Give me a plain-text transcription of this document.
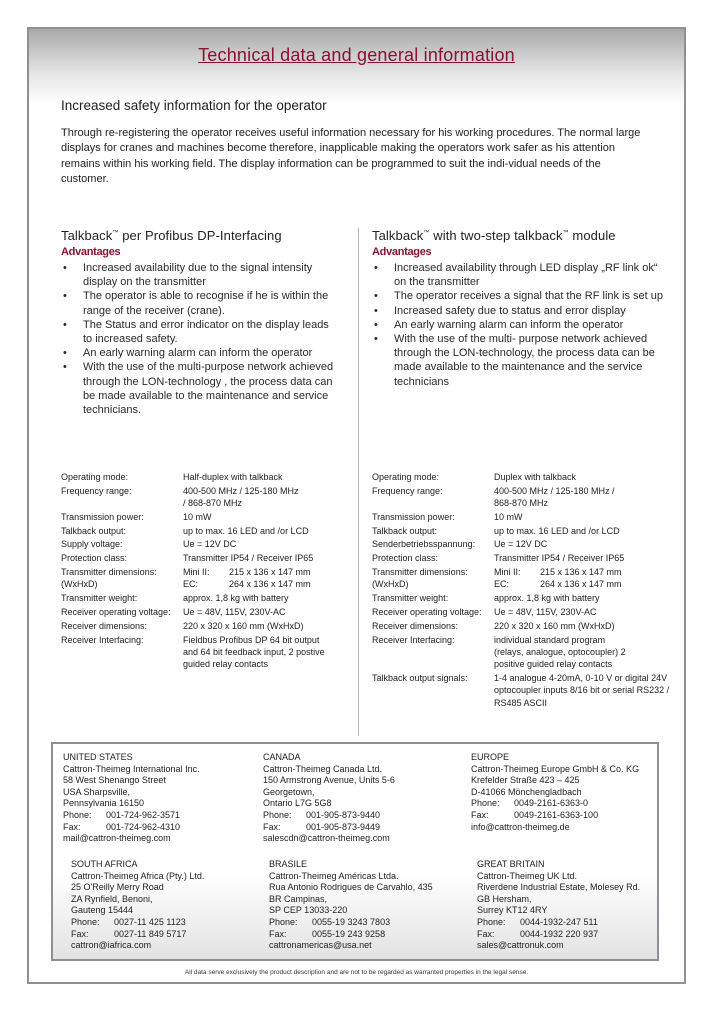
Technical data and general information
Increased safety information for the operator
Through re-registering the operator receives useful information necessary for his working procedures. The normal large displays for cranes and machines become therefore, inapplicable making the operators work safer as his attention remains within his working field. The display information can be programmed to suit the indi-vidual needs of the customer.
Talkback™ per Profibus DP-Interfacing
Advantages
• Increased availability due to the signal intensity display on the transmitter
• The operator is able to recognise if he is within the range of the receiver (crane).
• The Status and error indicator on the display leads to increased safety.
• An early warning alarm can inform the operator
• With the use of the multi-purpose network achieved through the LON-technology , the process data can be made available to the maintenance and service technicians.
Talkback™ with two-step talkback™ module
Advantages
• Increased availability through LED display „RF link ok“ on the transmitter
• The operator receives a signal that the RF link is set up
• Increased safety due to status and error display
• An early warning alarm can inform the operator
• With the use of the multi- purpose network achieved through the LON-technology, the process data can be made available to the maintenance and the service technicians
Operating mode:	Half-duplex with talkback
Frequency range:	400-500 MHz / 125-180 MHz / 868-870 MHz
Transmission power:	10 mW
Talkback output:	up to max. 16 LED and /or LCD
Supply voltage:	Ue = 12V DC
Protection class:	Transmitter IP54 / Receiver IP65
Transmitter dimensions: (WxHxD)
Mini II:	215 x 136 x 147 mm
EC:	264 x 136 x 147 mm
Transmitter weight:	approx. 1,8 kg with battery
Receiver operating voltage:	Ue = 48V, 115V, 230V-AC
Receiver dimensions:	220 x 320 x 160 mm (WxHxD)
Receiver Interfacing:	Fieldbus Profibus DP 64 bit output and 64 bit feedback input, 2 postive guided relay contacts
Operating mode:	Duplex with talkback
Frequency range:	400-500 MHz / 125-180 MHz / 868-870 MHz
Transmission power:	10 mW
Talkback output:	up to max. 16 LED and /or LCD
Senderbetriebsspannung:	Ue = 12V DC
Protection class:	Transmitter IP54 / Receiver IP65
Transmitter dimensions: (WxHxD)
Mini II:	215 x 136 x 147 mm
EC:	264 x 136 x 147 mm
Transmitter weight:	approx. 1,8 kg with battery
Receiver operating voltage:	Ue = 48V, 115V, 230V-AC
Receiver dimensions:	220 x 320 x 160 mm (WxHxD)
Receiver Interfacing:	individual standard program (relays, analogue, optocoupler) 2 positive guided relay contacts
Talkback output signals:	1-4 analogue 4-20mA, 0-10 V or digital 24V optocoupler inputs 8/16 bit or serial RS232 / RS485 ASCII
UNITED STATES
Cattron-Theimeg International Inc.
58 West Shenango Street
USA Sharpsville,
Pennsylvania 16150
Phone:	001-724-962-3571
Fax:	001-724-962-4310
mail@cattron-theimeg.com
CANADA
Cattron-Theimeg Canada Ltd.
150 Armstrong Avenue, Units 5-6
Georgetown,
Ontario L7G 5G8
Phone:	001-905-873-9440
Fax:	001-905-873-9449
salescdn@cattron-theimeg.com
EUROPE
Cattron-Theimeg Europe GmbH & Co. KG
Krefelder Straße 423 – 425
D-41066 Mönchengladbach
Phone:	0049-2161-6363-0
Fax:	0049-2161-6363-100
info@cattron-theimeg.de
SOUTH AFRICA
Cattron-Theimeg Africa (Pty.) Ltd.
25 O'Reilly Merry Road
ZA Rynfield, Benoni,
Gauteng 15444
Phone:	0027-11 425 1123
Fax:	0027-11 849 5717
cattron@iafrica.com
BRASILE
Cattron-Theimeg Américas Ltda.
Rua Antonio Rodrigues de Carvahlo, 435
BR Campinas,
SP CEP 13033-220
Phone:	0055-19 3243 7803
Fax:	0055-19 243 9258
cattronamericas@usa.net
GREAT BRITAIN
Cattron-Theimeg UK Ltd.
Riverdene Industrial Estate, Molesey Rd.
GB Hersham,
Surrey KT12 4RY
Phone:	0044-1932-247 511
Fax:	0044-1932 220 937
sales@cattronuk.com
All data serve exclusively the product description and are not to be regarded as warranted properties in the legal sense.
